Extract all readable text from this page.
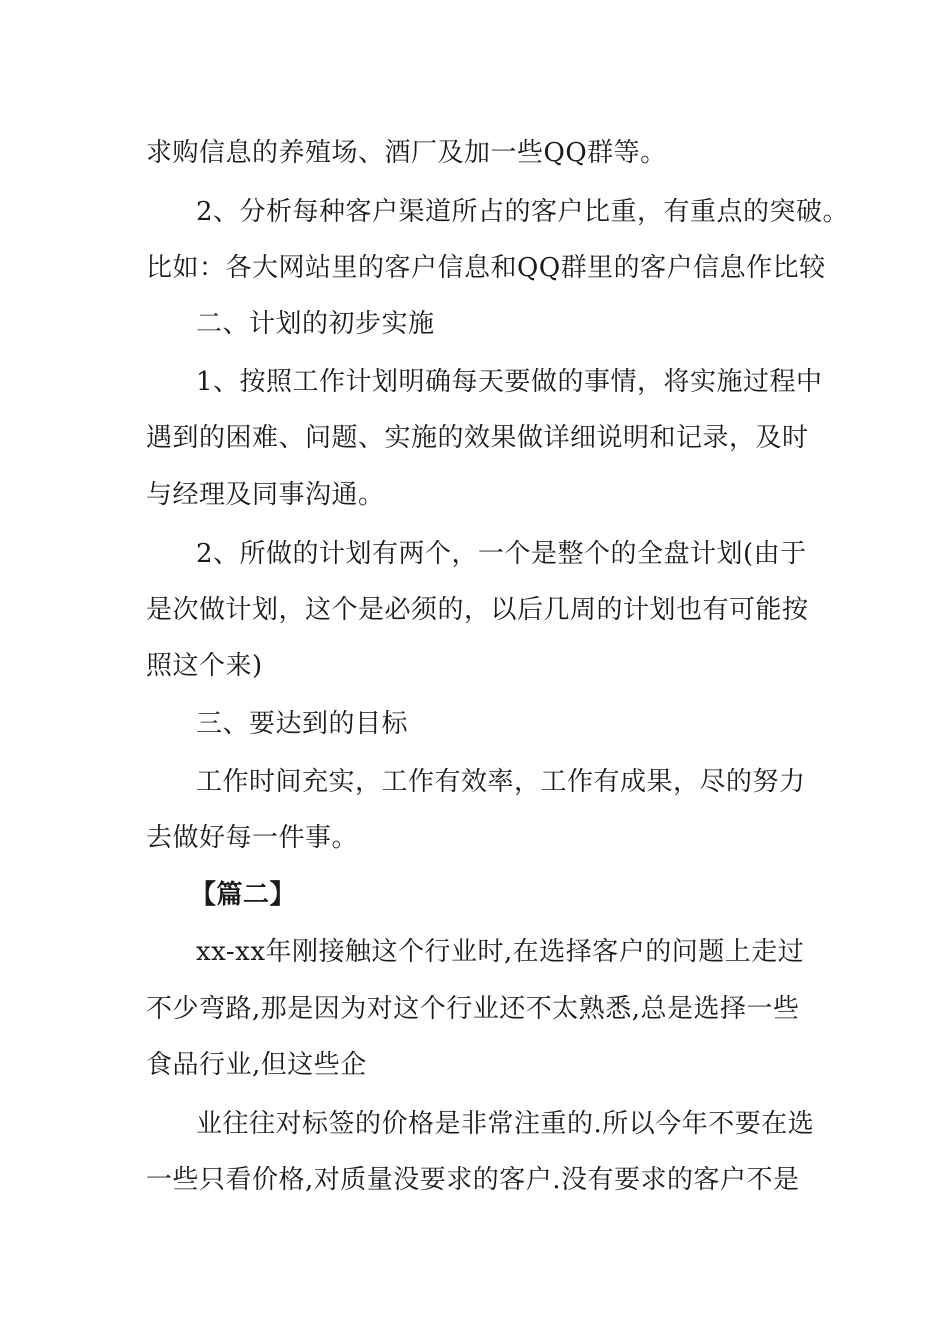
求购信息的养殖场、酒厂及加一些QQ群等。
2、分析每种客户渠道所占的客户比重，有重点的突破。
比如：各大网站里的客户信息和QQ群里的客户信息作比较
二、计划的初步实施
1、按照工作计划明确每天要做的事情，将实施过程中
遇到的困难、问题、实施的效果做详细说明和记录，及时
与经理及同事沟通。
2、所做的计划有两个，一个是整个的全盘计划(由于
是次做计划，这个是必须的，以后几周的计划也有可能按
照这个来)
三、要达到的目标
工作时间充实，工作有效率，工作有成果，尽的努力
去做好每一件事。
【篇二】
xx-xx年刚接触这个行业时,在选择客户的问题上走过
不少弯路,那是因为对这个行业还不太熟悉,总是选择一些
食品行业,但这些企
业往往对标签的价格是非常注重的.所以今年不要在选
一些只看价格,对质量没要求的客户.没有要求的客户不是
